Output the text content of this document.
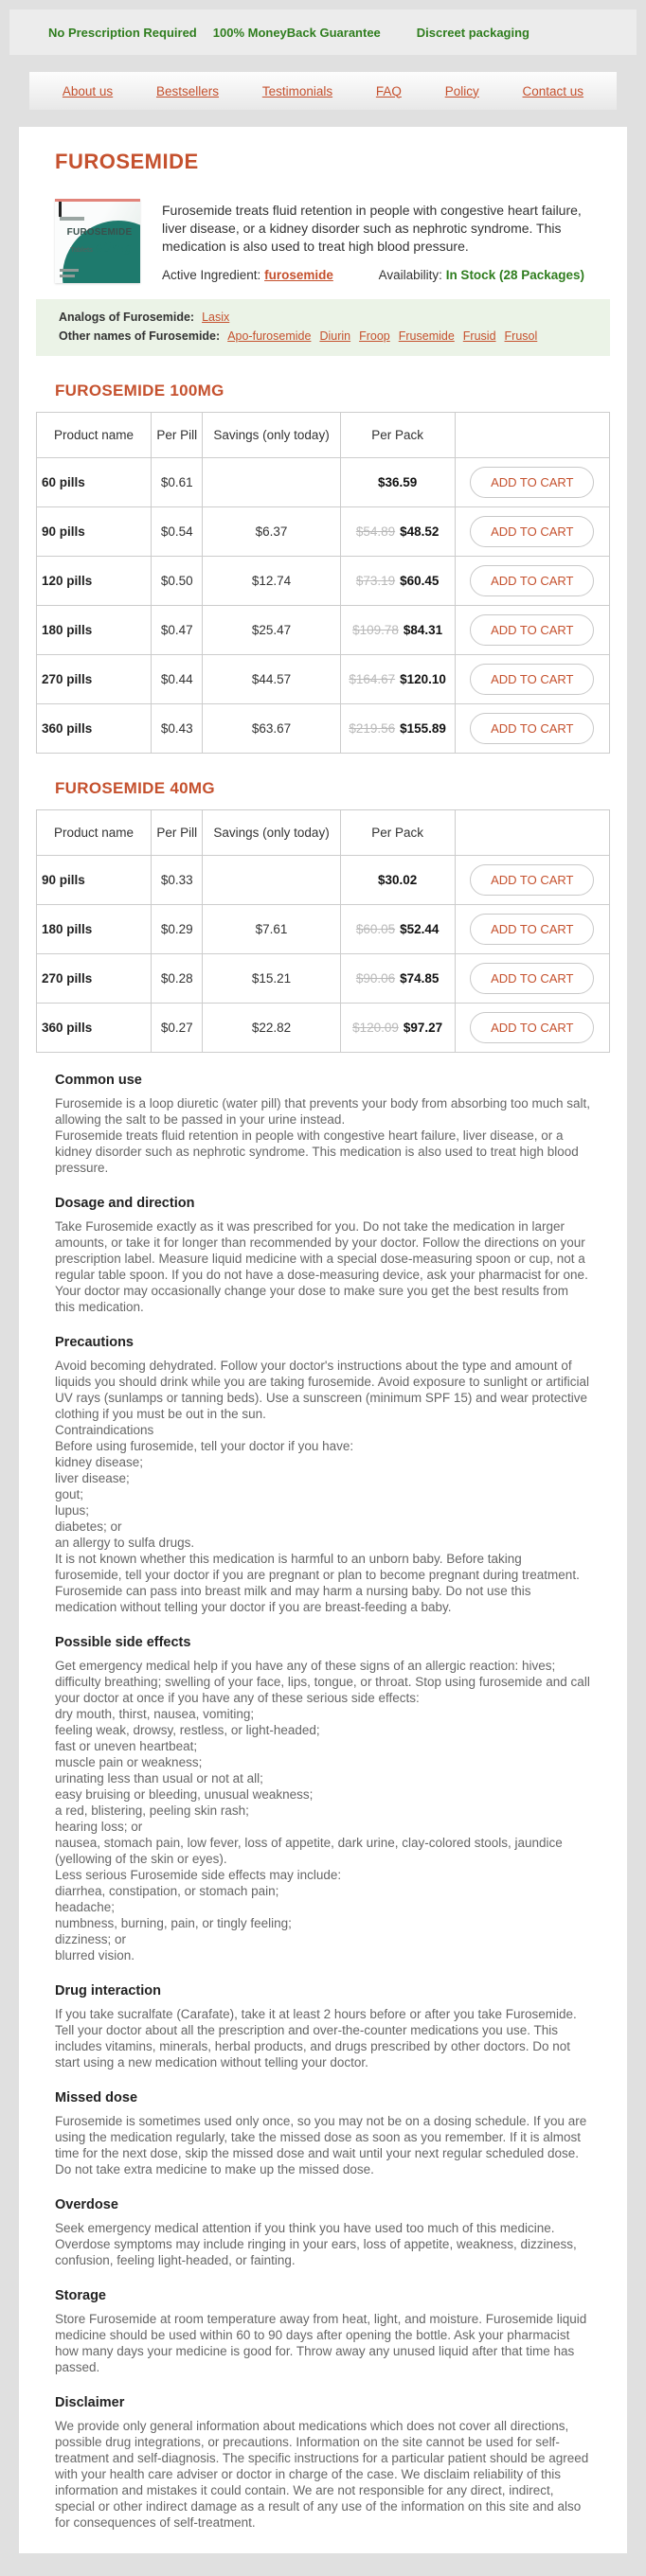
No Prescription Required 100% MoneyBack Guarantee	Discreet packaging
About us	Bestsellers	Testimonials	FAQ	Policy	Contact us
FUROSEMIDE
FUROSEMIDE
Tablets 40mg

Furosemide treats fluid retention in people with congestive heart failure, liver disease, or a kidney disorder such as nephrotic syndrome. This medication is also used to treat high blood pressure.

Active Ingredient: furosemide	Availability: In Stock (28 Packages)
Analogs of Furosemide: Lasix
Other names of Furosemide: Apo-furosemide Diurin Froop Frusemide Frusid Frusol
FUROSEMIDE 100MG
Product name	Per Pill	Savings (only today)	Per Pack	
60 pills	$0.61		$36.59	ADD TO CART
90 pills	$0.54	$6.37	$54.89 $48.52	ADD TO CART
120 pills	$0.50	$12.74	$73.19 $60.45	ADD TO CART
180 pills	$0.47	$25.47	$109.78 $84.31	ADD TO CART
270 pills	$0.44	$44.57	$164.67 $120.10	ADD TO CART
360 pills	$0.43	$63.67	$219.56 $155.89	ADD TO CART
FUROSEMIDE 40MG
Product name	Per Pill	Savings (only today)	Per Pack	
90 pills	$0.33		$30.02	ADD TO CART
180 pills	$0.29	$7.61	$60.05 $52.44	ADD TO CART
270 pills	$0.28	$15.21	$90.06 $74.85	ADD TO CART
360 pills	$0.27	$22.82	$120.09 $97.27	ADD TO CART
Common use
Furosemide is a loop diuretic (water pill) that prevents your body from absorbing too much salt, allowing the salt to be passed in your urine instead.
Furosemide treats fluid retention in people with congestive heart failure, liver disease, or a kidney disorder such as nephrotic syndrome. This medication is also used to treat high blood pressure.
Dosage and direction
Take Furosemide exactly as it was prescribed for you. Do not take the medication in larger amounts, or take it for longer than recommended by your doctor. Follow the directions on your prescription label. Measure liquid medicine with a special dose-measuring spoon or cup, not a regular table spoon. If you do not have a dose-measuring device, ask your pharmacist for one.
Your doctor may occasionally change your dose to make sure you get the best results from this medication.
Precautions
Avoid becoming dehydrated. Follow your doctor's instructions about the type and amount of liquids you should drink while you are taking furosemide. Avoid exposure to sunlight or artificial UV rays (sunlamps or tanning beds). Use a sunscreen (minimum SPF 15) and wear protective clothing if you must be out in the sun.
Contraindications
Before using furosemide, tell your doctor if you have:
kidney disease;
liver disease;
gout;
lupus;
diabetes; or
an allergy to sulfa drugs.
It is not known whether this medication is harmful to an unborn baby. Before taking furosemide, tell your doctor if you are pregnant or plan to become pregnant during treatment. Furosemide can pass into breast milk and may harm a nursing baby. Do not use this medication without telling your doctor if you are breast-feeding a baby.
Possible side effects
Get emergency medical help if you have any of these signs of an allergic reaction: hives; difficulty breathing; swelling of your face, lips, tongue, or throat. Stop using furosemide and call your doctor at once if you have any of these serious side effects:
dry mouth, thirst, nausea, vomiting;
feeling weak, drowsy, restless, or light-headed;
fast or uneven heartbeat;
muscle pain or weakness;
urinating less than usual or not at all;
easy bruising or bleeding, unusual weakness;
a red, blistering, peeling skin rash;
hearing loss; or
nausea, stomach pain, low fever, loss of appetite, dark urine, clay-colored stools, jaundice (yellowing of the skin or eyes).
Less serious Furosemide side effects may include:
diarrhea, constipation, or stomach pain;
headache;
numbness, burning, pain, or tingly feeling;
dizziness; or
blurred vision.
Drug interaction
If you take sucralfate (Carafate), take it at least 2 hours before or after you take Furosemide. Tell your doctor about all the prescription and over-the-counter medications you use. This includes vitamins, minerals, herbal products, and drugs prescribed by other doctors. Do not start using a new medication without telling your doctor.
Missed dose
Furosemide is sometimes used only once, so you may not be on a dosing schedule. If you are using the medication regularly, take the missed dose as soon as you remember. If it is almost time for the next dose, skip the missed dose and wait until your next regular scheduled dose. Do not take extra medicine to make up the missed dose.
Overdose
Seek emergency medical attention if you think you have used too much of this medicine. Overdose symptoms may include ringing in your ears, loss of appetite, weakness, dizziness, confusion, feeling light-headed, or fainting.
Storage
Store Furosemide at room temperature away from heat, light, and moisture. Furosemide liquid medicine should be used within 60 to 90 days after opening the bottle. Ask your pharmacist how many days your medicine is good for. Throw away any unused liquid after that time has passed.
Disclaimer
We provide only general information about medications which does not cover all directions, possible drug integrations, or precautions. Information on the site cannot be used for self-treatment and self-diagnosis. The specific instructions for a particular patient should be agreed with your health care adviser or doctor in charge of the case. We disclaim reliability of this information and mistakes it could contain. We are not responsible for any direct, indirect, special or other indirect damage as a result of any use of the information on this site and also for consequences of self-treatment.
